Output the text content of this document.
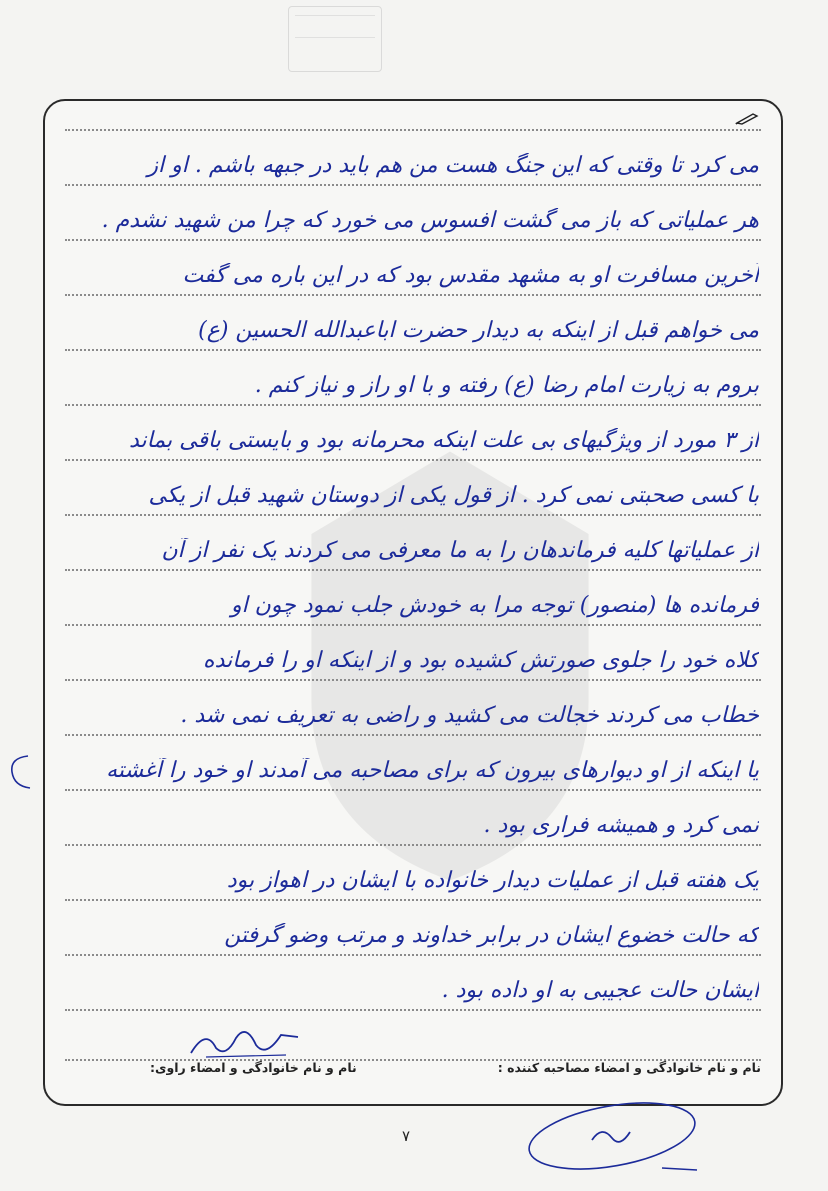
می کرد تا وقتی که این جنگ هست من هم باید در جبهه باشم . او از
هر عملیاتی که باز می گشت افسوس می خورد که چرا من شهید نشدم .
آخرین مسافرت او به مشهد مقدس بود که در این باره می گفت
می خواهم قبل از اینکه به دیدار حضرت اباعبدالله الحسین (ع)
بروم به زیارت امام رضا (ع) رفته و با او راز و نیاز کنم .
از ۳ مورد از ویژگیهای بی علت اینکه محرمانه بود و بایستی باقی بماند
با کسی صحبتی نمی کرد . از قول یکی از دوستان شهید قبل از یکی
از عملیاتها کلیه فرماندهان را به ما معرفی می کردند یک نفر از آن
فرمانده ها (منصور) توجه مرا به خودش جلب نمود چون او
کلاه خود را جلوی صورتش کشیده بود و از اینکه او را فرمانده
خطاب می کردند خجالت می کشید و راضی به تعریف نمی شد .
یا اینکه از او دیوارهای بیرون که برای مصاحبه می آمدند او خود را آغشته
نمی کرد و همیشه فراری بود .
یک هفته قبل از عملیات دیدار خانواده با ایشان در اهواز بود
که حالت خضوع ایشان در برابر خداوند و مرتب وضو گرفتن
ایشان حالت عجیبی به او داده بود .
نام و نام خانوادگی و امضاء مصاحبه کننده :
نام و نام خانوادگی و امضاء راوی:
۷
